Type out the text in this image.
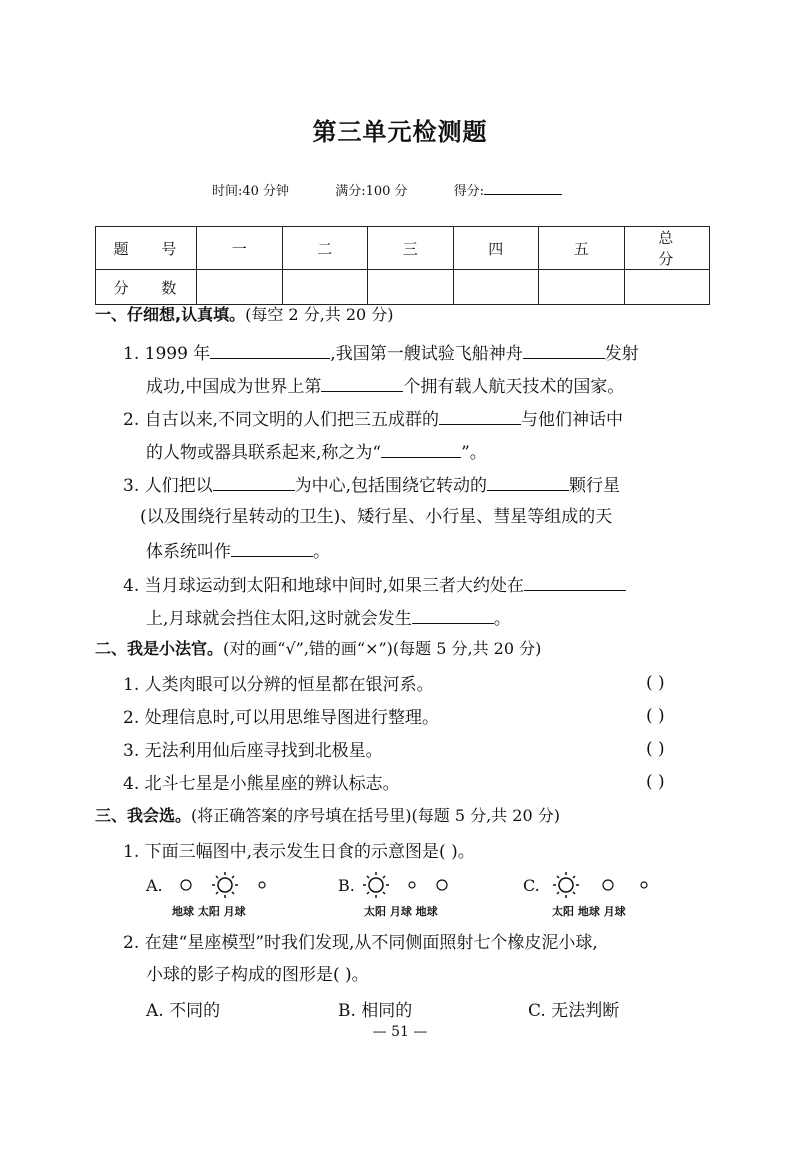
第三单元检测题
时间:40 分钟	满分:100 分	得分:
题 号	一	二	三	四	五	总 分
分 数						
一、仔细想,认真填。(每空 2 分,共 20 分)
1. 1999 年	,我国第一艘试验飞船神舟	发射
成功,中国成为世界上第	个拥有载人航天技术的国家。
2. 自古以来,不同文明的人们把三五成群的	与他们神话中
的人物或器具联系起来,称之为“	”。
3. 人们把以	为中心,包括围绕它转动的	颗行星
(以及围绕行星转动的卫生)、矮行星、小行星、彗星等组成的天
体系统叫作	。
4. 当月球运动到太阳和地球中间时,如果三者大约处在
上,月球就会挡住太阳,这时就会发生	。
二、我是小法官。(对的画“√”,错的画“×”)(每题 5 分,共 20 分)
1. 人类肉眼可以分辨的恒星都在银河系。	( )
2. 处理信息时,可以用思维导图进行整理。	( )
3. 无法利用仙后座寻找到北极星。	( )
4. 北斗七星是小熊星座的辨认标志。	( )
三、我会选。(将正确答案的序号填在括号里)(每题 5 分,共 20 分)
1. 下面三幅图中,表示发生日食的示意图是( )。
A.
地球 太阳 月球
B.
太阳 月球 地球
C.
太阳 地球 月球
2. 在建“星座模型”时我们发现,从不同侧面照射七个橡皮泥小球,
小球的影子构成的图形是( )。
A. 不同的	B. 相同的	C. 无法判断
— 51 —
